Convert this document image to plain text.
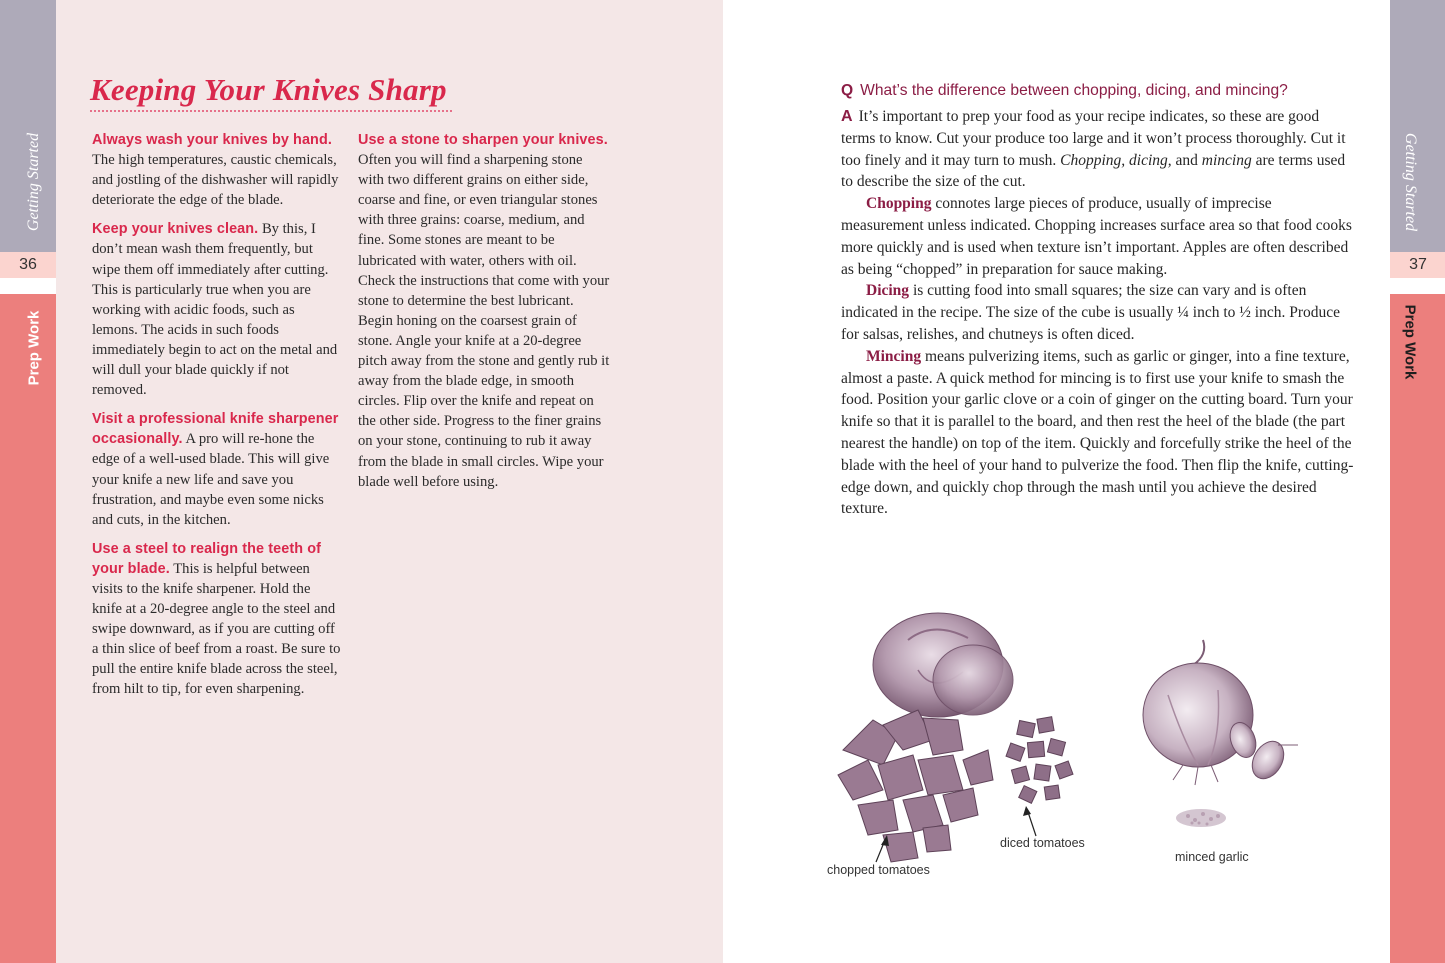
Getting Started
36
Prep Work
Keeping Your Knives Sharp

Always wash your knives by hand. The high temperatures, caustic chemicals, and jostling of the dishwasher will rapidly deteriorate the edge of the blade.

Keep your knives clean. By this, I don’t mean wash them frequently, but wipe them off immediately after cutting. This is particularly true when you are working with acidic foods, such as lemons. The acids in such foods immediately begin to act on the metal and will dull your blade quickly if not removed.

Visit a professional knife sharpener occasionally. A pro will re-hone the edge of a well-used blade. This will give your knife a new life and save you frustration, and maybe even some nicks and cuts, in the kitchen.

Use a steel to realign the teeth of your blade. This is helpful between visits to the knife sharpener. Hold the knife at a 20-degree angle to the steel and swipe downward, as if you are cutting off a thin slice of beef from a roast. Be sure to pull the entire knife blade across the steel, from hilt to tip, for even sharpening.

Use a stone to sharpen your knives. Often you will find a sharpening stone with two different grains on either side, coarse and fine, or even triangular stones with three grains: coarse, medium, and fine. Some stones are meant to be lubricated with water, others with oil. Check the instructions that come with your stone to determine the best lubricant. Begin honing on the coarsest grain of stone. Angle your knife at a 20-degree pitch away from the stone and gently rub it away from the blade edge, in smooth circles. Flip over the knife and repeat on the other side. Progress to the finer grains on your stone, continuing to rub it away from the blade in small circles. Wipe your blade well before using.

Q What’s the difference between chopping, dicing, and mincing?

A It’s important to prep your food as your recipe indicates, so these are good terms to know. Cut your produce too large and it won’t process thoroughly. Cut it too finely and it may turn to mush. Chopping, dicing, and mincing are terms used to describe the size of the cut.

Chopping connotes large pieces of produce, usually of imprecise measurement unless indicated. Chopping increases surface area so that food cooks more quickly and is used when texture isn’t important. Apples are often described as being “chopped” in preparation for sauce making.

Dicing is cutting food into small squares; the size can vary and is often indicated in the recipe. The size of the cube is usually ¼ inch to ½ inch. Produce for salsas, relishes, and chutneys is often diced.

Mincing means pulverizing items, such as garlic or ginger, into a fine texture, almost a paste. A quick method for mincing is to first use your knife to smash the food. Position your garlic clove or a coin of ginger on the cutting board. Turn your knife so that it is parallel to the board, and then rest the heel of the blade (the part nearest the handle) on top of the item. Quickly and forcefully strike the heel of the blade with the heel of your hand to pulverize the food. Then flip the knife, cutting-edge down, and quickly chop through the mash until you achieve the desired texture.

chopped tomatoes
diced tomatoes
minced garlic
Getting Started
37
Prep Work
